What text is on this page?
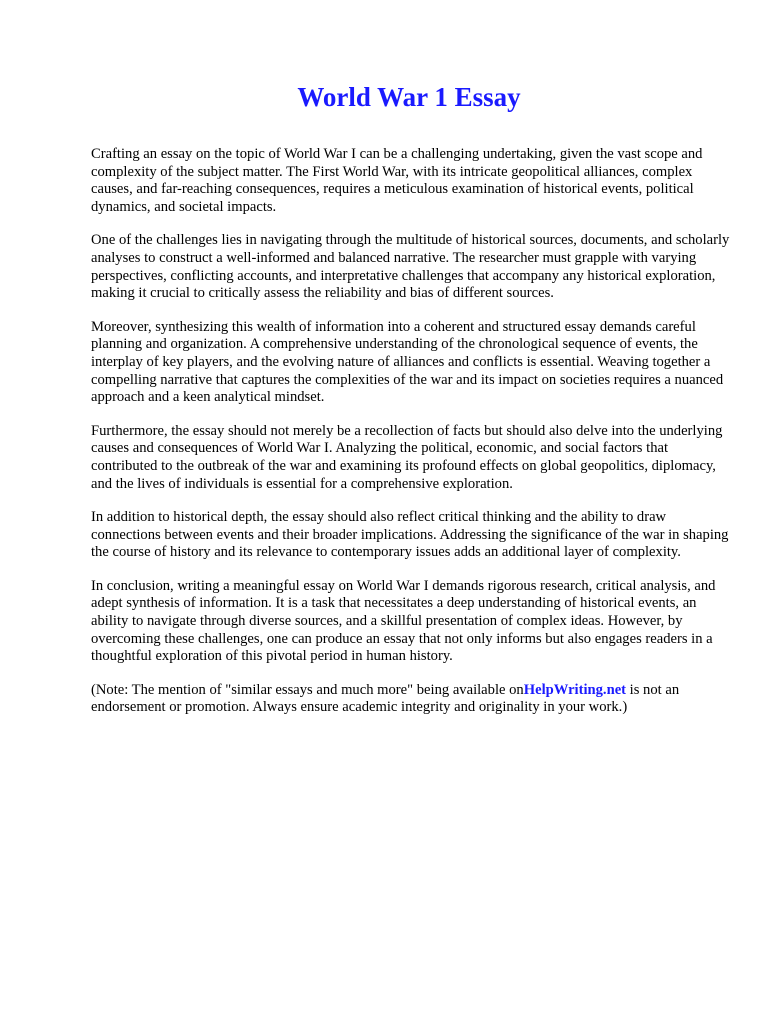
World War 1 Essay

Crafting an essay on the topic of World War I can be a challenging undertaking, given the vast scope and complexity of the subject matter. The First World War, with its intricate geopolitical alliances, complex causes, and far-reaching consequences, requires a meticulous examination of historical events, political dynamics, and societal impacts.

One of the challenges lies in navigating through the multitude of historical sources, documents, and scholarly analyses to construct a well-informed and balanced narrative. The researcher must grapple with varying perspectives, conflicting accounts, and interpretative challenges that accompany any historical exploration, making it crucial to critically assess the reliability and bias of different sources.

Moreover, synthesizing this wealth of information into a coherent and structured essay demands careful planning and organization. A comprehensive understanding of the chronological sequence of events, the interplay of key players, and the evolving nature of alliances and conflicts is essential. Weaving together a compelling narrative that captures the complexities of the war and its impact on societies requires a nuanced approach and a keen analytical mindset.

Furthermore, the essay should not merely be a recollection of facts but should also delve into the underlying causes and consequences of World War I. Analyzing the political, economic, and social factors that contributed to the outbreak of the war and examining its profound effects on global geopolitics, diplomacy, and the lives of individuals is essential for a comprehensive exploration.

In addition to historical depth, the essay should also reflect critical thinking and the ability to draw connections between events and their broader implications. Addressing the significance of the war in shaping the course of history and its relevance to contemporary issues adds an additional layer of complexity.

In conclusion, writing a meaningful essay on World War I demands rigorous research, critical analysis, and adept synthesis of information. It is a task that necessitates a deep understanding of historical events, an ability to navigate through diverse sources, and a skillful presentation of complex ideas. However, by overcoming these challenges, one can produce an essay that not only informs but also engages readers in a thoughtful exploration of this pivotal period in human history.

(Note: The mention of "similar essays and much more" being available onHelpWriting.net is not an endorsement or promotion. Always ensure academic integrity and originality in your work.)
